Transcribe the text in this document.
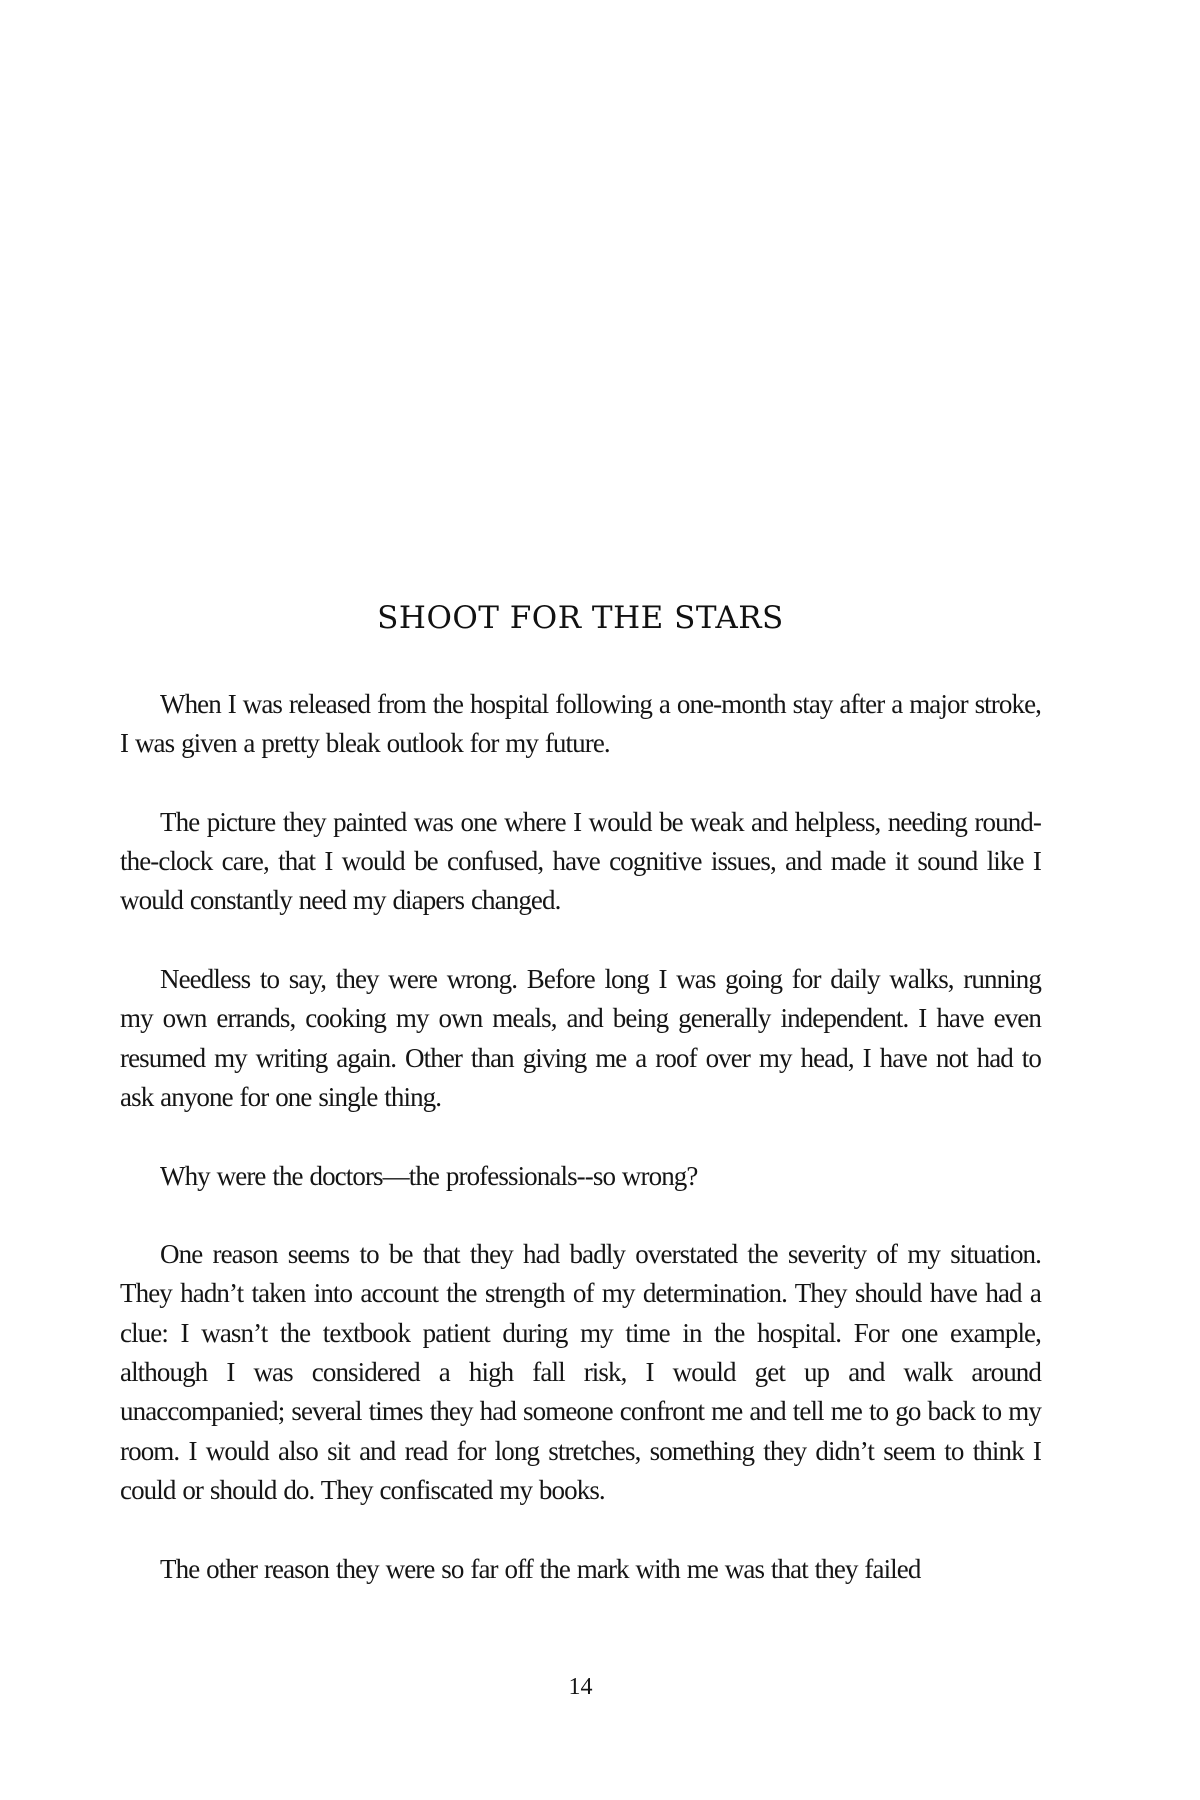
SHOOT FOR THE STARS

When I was released from the hospital following a one-month stay after a major stroke, I was given a pretty bleak outlook for my future.

The picture they painted was one where I would be weak and helpless, needing round-the-clock care, that I would be confused, have cognitive issues, and made it sound like I would constantly need my diapers changed.

Needless to say, they were wrong. Before long I was going for daily walks, running my own errands, cooking my own meals, and being generally independent. I have even resumed my writing again. Other than giving me a roof over my head, I have not had to ask anyone for one single thing.

Why were the doctors—the professionals--so wrong?

One reason seems to be that they had badly overstated the severity of my situation. They hadn’t taken into account the strength of my determination. They should have had a clue: I wasn’t the textbook patient during my time in the hospital. For one example, although I was considered a high fall risk, I would get up and walk around unaccompanied; several times they had someone confront me and tell me to go back to my room. I would also sit and read for long stretches, something they didn’t seem to think I could or should do. They confiscated my books.

The other reason they were so far off the mark with me was that they failed

14
